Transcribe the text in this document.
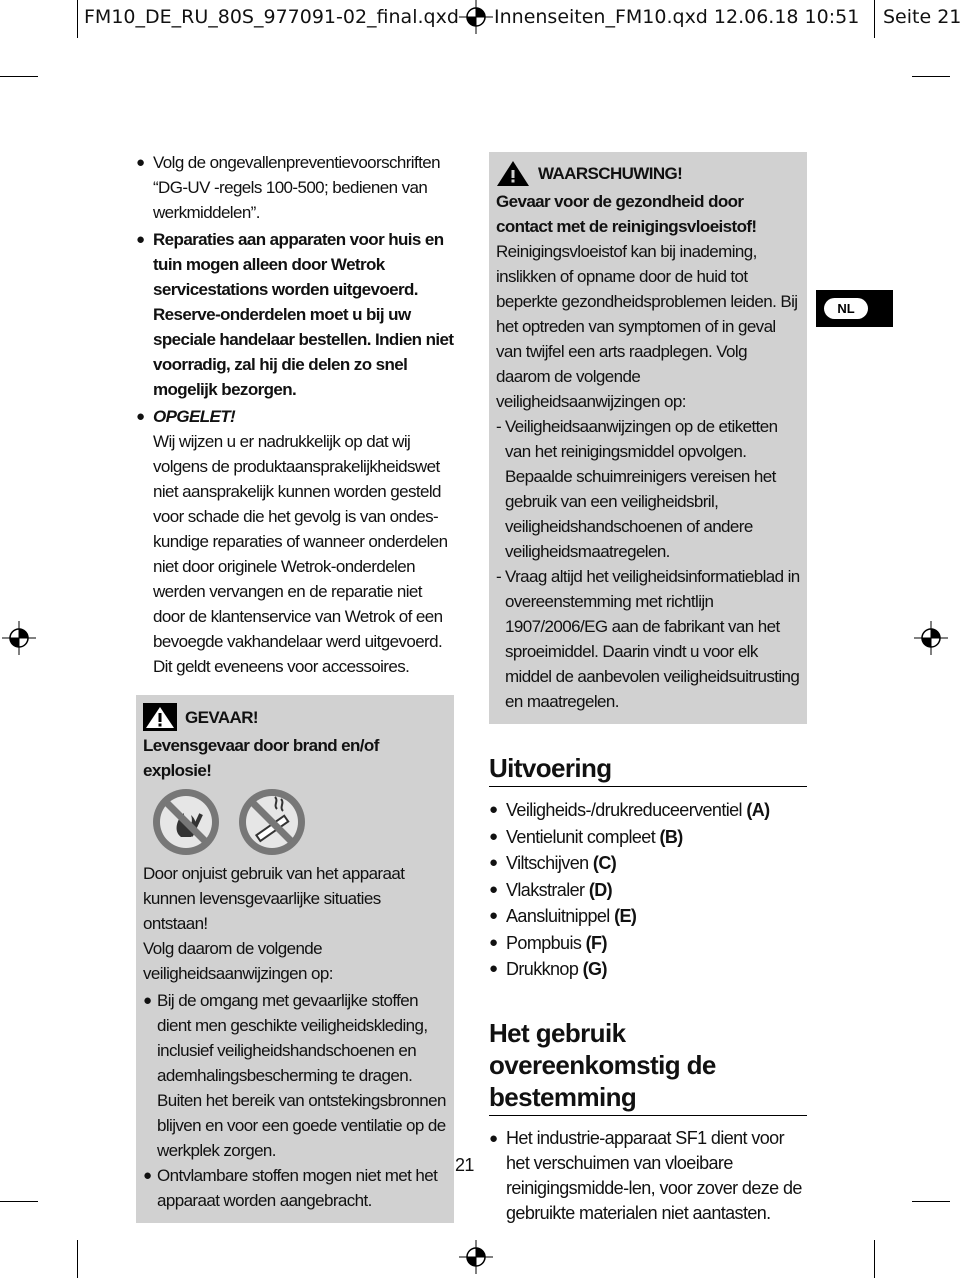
FM10_DE_RU_80S_977091-02_final.qxd Innenseiten_FM10.qxd 12.06.18 10:51 Seite 21
NL
● Volg de ongevallenpreventievoorschriften “DG-UV -regels 100-500; bedienen van werkmiddelen”.
● Reparaties aan apparaten voor huis en tuin mogen alleen door Wetrok servicestations worden uitgevoerd. Reserve-onderdelen moet u bij uw speciale handelaar bestellen. Indien niet voorradig, zal hij die delen zo snel mogelijk bezorgen.
● OPGELET!
Wij wijzen u er nadrukkelijk op dat wij volgens de produktaansprakelijkheidswet niet aansprakelijk kunnen worden gesteld voor schade die het gevolg is van ondes-kundige reparaties of wanneer onderdelen niet door originele Wetrok-onderdelen werden vervangen en de reparatie niet door de klantenservice van Wetrok of een bevoegde vakhandelaar werd uitgevoerd. Dit geldt eveneens voor accessoires.
GEVAAR!
Levensgevaar door brand en/of explosie!
Door onjuist gebruik van het apparaat kunnen levensgevaarlijke situaties ontstaan!
Volg daarom de volgende veiligheidsaanwijzingen op:
● Bij de omgang met gevaarlijke stoffen dient men geschikte veiligheidskleding, inclusief veiligheidshandschoenen en ademhalingsbescherming te dragen. Buiten het bereik van ontstekingsbronnen blijven en voor een goede ventilatie op de werkplek zorgen.
● Ontvlambare stoffen mogen niet met het apparaat worden aangebracht.
WAARSCHUWING!
Gevaar voor de gezondheid door contact met de reinigingsvloeistof!
Reinigingsvloeistof kan bij inademing, inslikken of opname door de huid tot beperkte gezondheidsproblemen leiden. Bij het optreden van symptomen of in geval van twijfel een arts raadplegen. Volg daarom de volgende veiligheidsaanwijzingen op:
- Veiligheidsaanwijzingen op de etiketten van het reinigingsmiddel opvolgen. Bepaalde schuimreinigers vereisen het gebruik van een veiligheidsbril, veiligheidshandschoenen of andere veiligheidsmaatregelen.
- Vraag altijd het veiligheidsinformatieblad in overeenstemming met richtlijn 1907/2006/EG aan de fabrikant van het sproeimiddel. Daarin vindt u voor elk middel de aanbevolen veiligheidsuitrusting en maatregelen.
Uitvoering
● Veiligheids-/drukreduceerventiel (A)
● Ventielunit compleet (B)
● Viltschijven (C)
● Vlakstraler (D)
● Aansluitnippel (E)
● Pompbuis (F)
● Drukknop (G)
Het gebruik overeenkomstig de bestemming
● Het industrie-apparaat SF1 dient voor het verschuimen van vloeibare reinigingsmidde-len, voor zover deze de gebruikte materialen niet aantasten.
21
